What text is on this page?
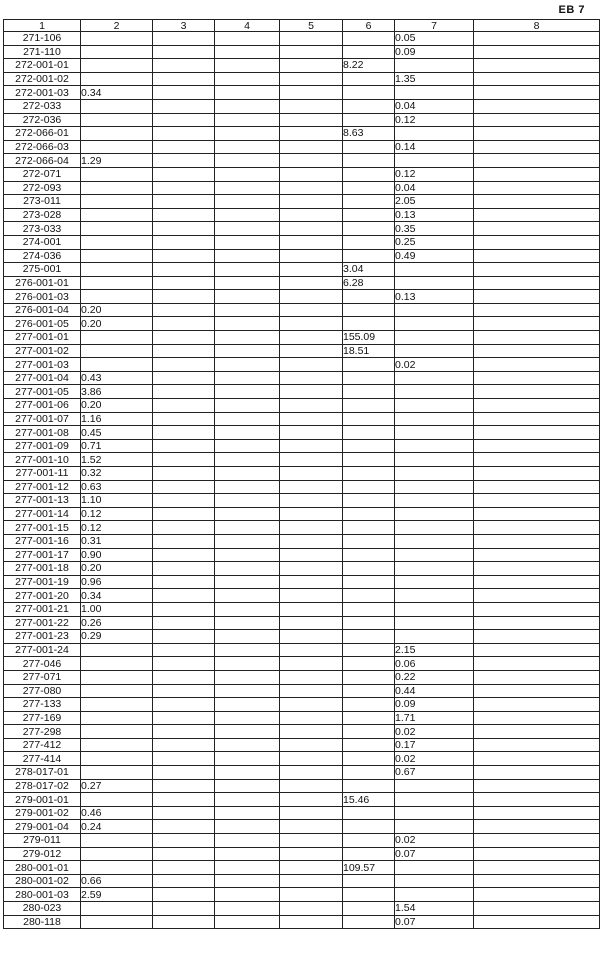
ЕВ 7
1	2	3	4	5	6	7	8
271-106						0.05	
271-110						0.09	
272-001-01					8.22		
272-001-02						1.35	
272-001-03	0.34						
272-033						0.04	
272-036						0.12	
272-066-01					8.63		
272-066-03						0.14	
272-066-04	1.29						
272-071						0.12	
272-093						0.04	
273-011						2.05	
273-028						0.13	
273-033						0.35	
274-001						0.25	
274-036						0.49	
275-001					3.04		
276-001-01					6.28		
276-001-03						0.13	
276-001-04	0.20						
276-001-05	0.20						
277-001-01					155.09		
277-001-02					18.51		
277-001-03						0.02	
277-001-04	0.43						
277-001-05	3.86						
277-001-06	0.20						
277-001-07	1.16						
277-001-08	0.45						
277-001-09	0.71						
277-001-10	1.52						
277-001-11	0.32						
277-001-12	0.63						
277-001-13	1.10						
277-001-14	0.12						
277-001-15	0.12						
277-001-16	0.31						
277-001-17	0.90						
277-001-18	0.20						
277-001-19	0.96						
277-001-20	0.34						
277-001-21	1.00						
277-001-22	0.26						
277-001-23	0.29						
277-001-24						2.15	
277-046						0.06	
277-071						0.22	
277-080						0.44	
277-133						0.09	
277-169						1.71	
277-298						0.02	
277-412						0.17	
277-414						0.02	
278-017-01						0.67	
278-017-02	0.27						
279-001-01					15.46		
279-001-02	0.46						
279-001-04	0.24						
279-011						0.02	
279-012						0.07	
280-001-01					109.57		
280-001-02	0.66						
280-001-03	2.59						
280-023						1.54	
280-118						0.07	
